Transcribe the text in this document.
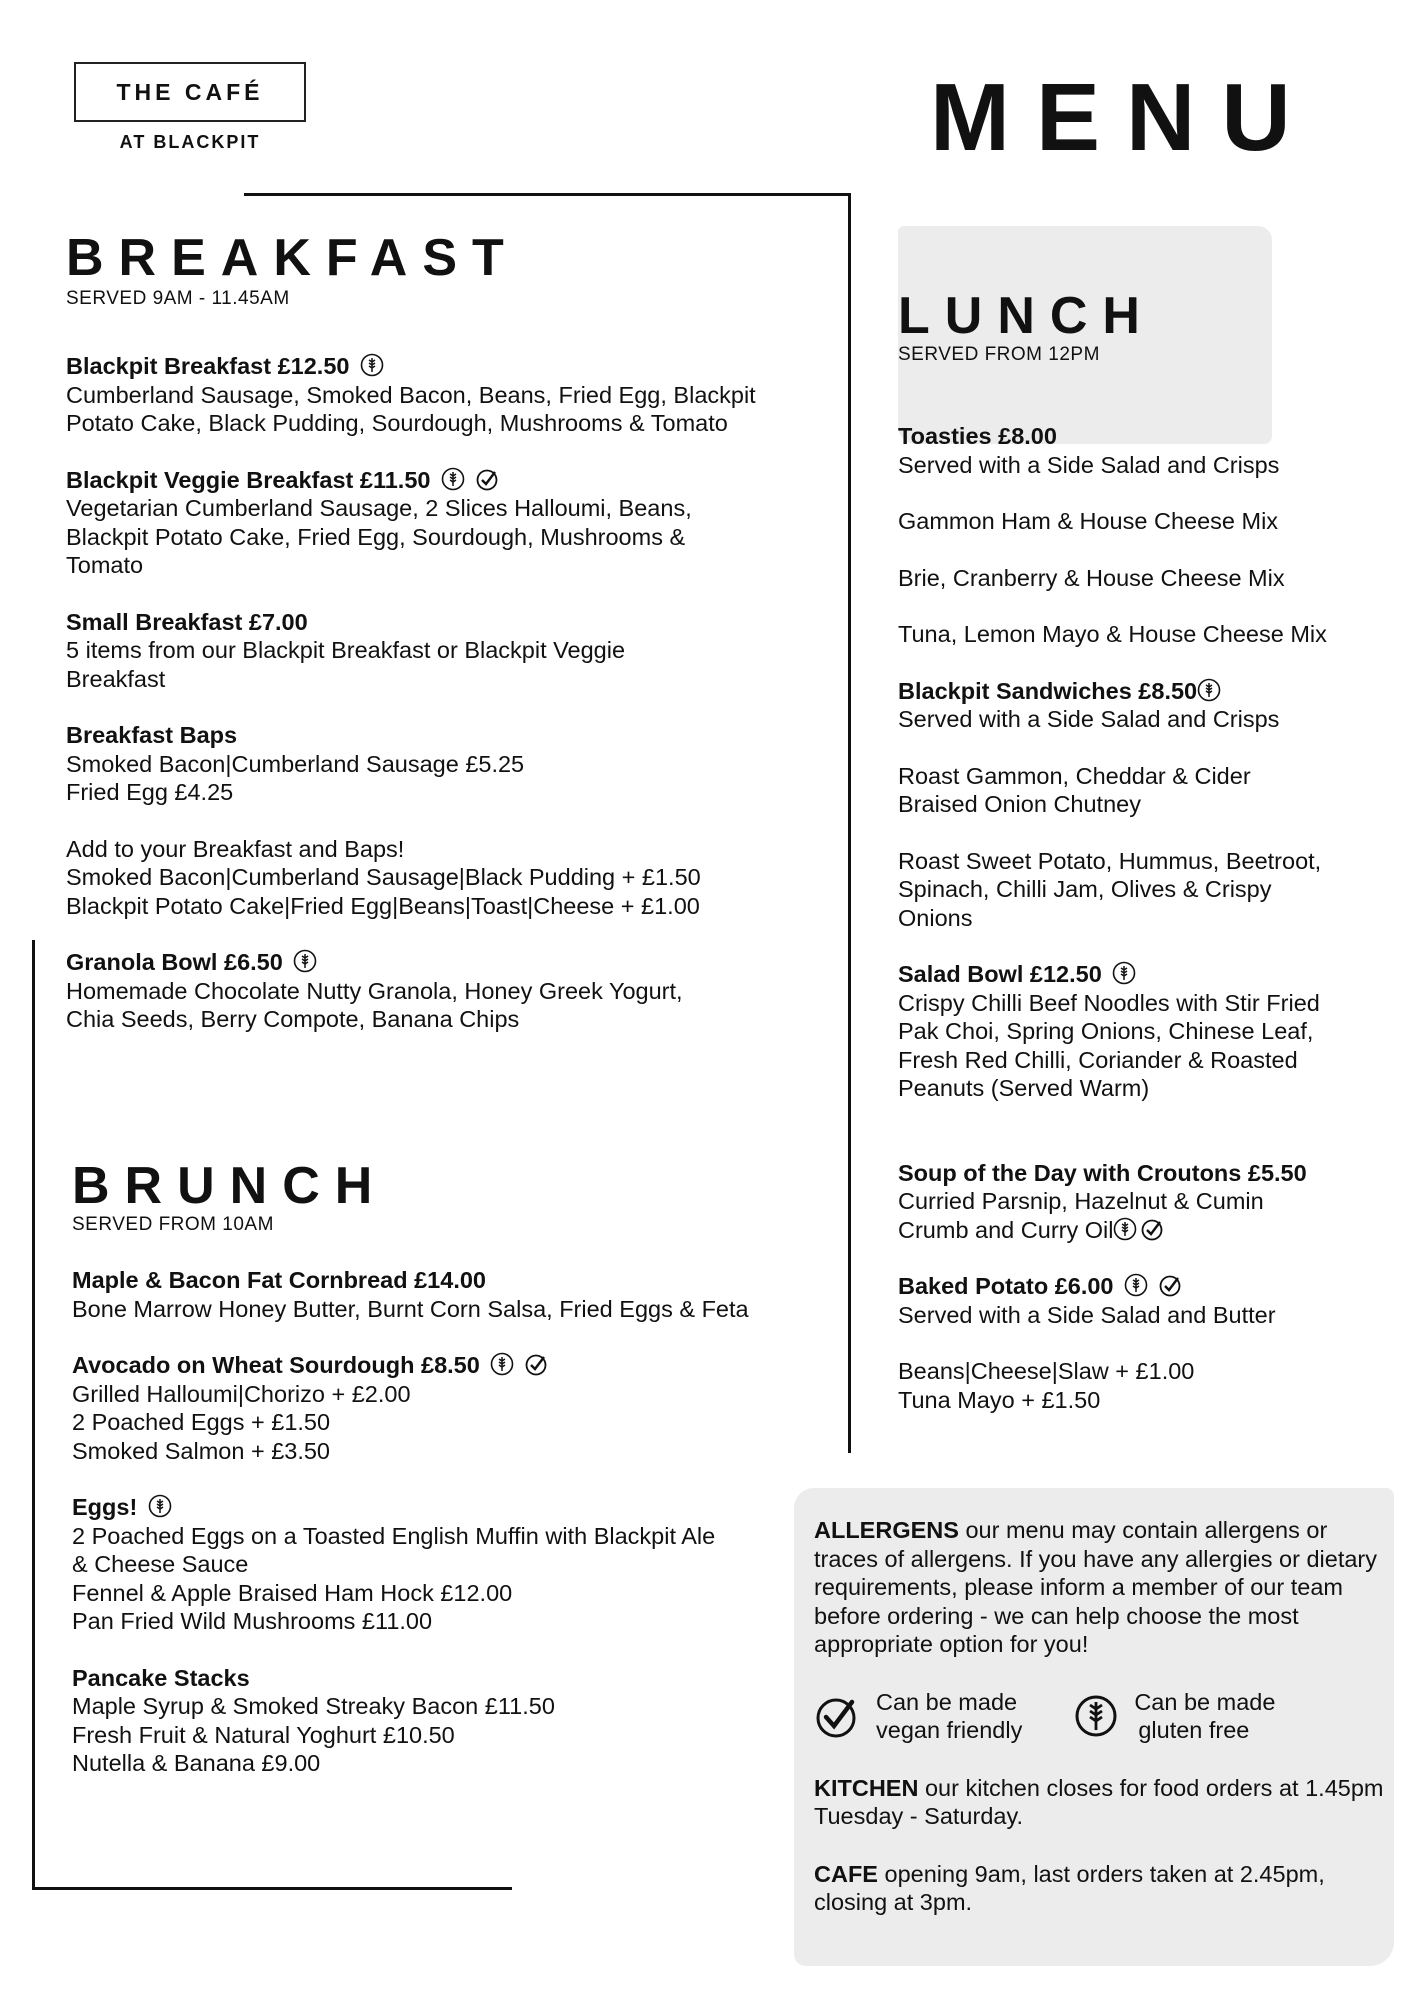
THE CAFÉ
AT BLACKPIT	MENU
BREAKFAST
SERVED 9AM - 11.45AM
Blackpit Breakfast £12.50
Cumberland Sausage, Smoked Bacon, Beans, Fried Egg, Blackpit
Potato Cake, Black Pudding, Sourdough, Mushrooms & Tomato
Blackpit Veggie Breakfast £11.50

Vegetarian Cumberland Sausage, 2 Slices Halloumi, Beans,
Blackpit Potato Cake, Fried Egg, Sourdough, Mushrooms &
Tomato
Small Breakfast £7.00
5 items from our Blackpit Breakfast or Blackpit Veggie
Breakfast
Breakfast Baps
Smoked Bacon|Cumberland Sausage £5.25
Fried Egg £4.25
Add to your Breakfast and Baps!
Smoked Bacon|Cumberland Sausage|Black Pudding + £1.50
Blackpit Potato Cake|Fried Egg|Beans|Toast|Cheese + £1.00
Granola Bowl £6.50
Homemade Chocolate Nutty Granola, Honey Greek Yogurt,
Chia Seeds, Berry Compote, Banana Chips
BRUNCH
SERVED FROM 10AM
Maple & Bacon Fat Cornbread £14.00
Bone Marrow Honey Butter, Burnt Corn Salsa, Fried Eggs & Feta
Avocado on Wheat Sourdough £8.50

Grilled Halloumi|Chorizo + £2.00
2 Poached Eggs + £1.50
Smoked Salmon + £3.50
Eggs!
2 Poached Eggs on a Toasted English Muffin with Blackpit Ale
& Cheese Sauce
Fennel & Apple Braised Ham Hock £12.00
Pan Fried Wild Mushrooms £11.00
Pancake Stacks
Maple Syrup & Smoked Streaky Bacon £11.50
Fresh Fruit & Natural Yoghurt £10.50
Nutella & Banana £9.00
LUNCH
SERVED FROM 12PM
Toasties £8.00
Served with a Side Salad and Crisps
Gammon Ham & House Cheese Mix
Brie, Cranberry & House Cheese Mix
Tuna, Lemon Mayo & House Cheese Mix
Blackpit Sandwiches £8.50
Served with a Side Salad and Crisps
Roast Gammon, Cheddar & Cider
Braised Onion Chutney
Roast Sweet Potato, Hummus, Beetroot,
Spinach, Chilli Jam, Olives & Crispy
Onions
Salad Bowl £12.50
Crispy Chilli Beef Noodles with Stir Fried
Pak Choi, Spring Onions, Chinese Leaf,
Fresh Red Chilli, Coriander & Roasted
Peanuts (Served Warm)
Soup of the Day with Croutons £5.50
Curried Parsnip, Hazelnut & Cumin
Crumb and Curry Oil
Baked Potato £6.00

Served with a Side Salad and Butter
Beans|Cheese|Slaw + £1.00
Tuna Mayo + £1.50

ALLERGENS our menu may contain allergens or traces of allergens. If you have any allergies or dietary requirements, please inform a member of our team before ordering - we can help choose the most appropriate option for you!

Can be made
vegan friendly
Can be made
gluten free

KITCHEN our kitchen closes for food orders at 1.45pm Tuesday - Saturday.

CAFE opening 9am, last orders taken at 2.45pm, closing at 3pm.
